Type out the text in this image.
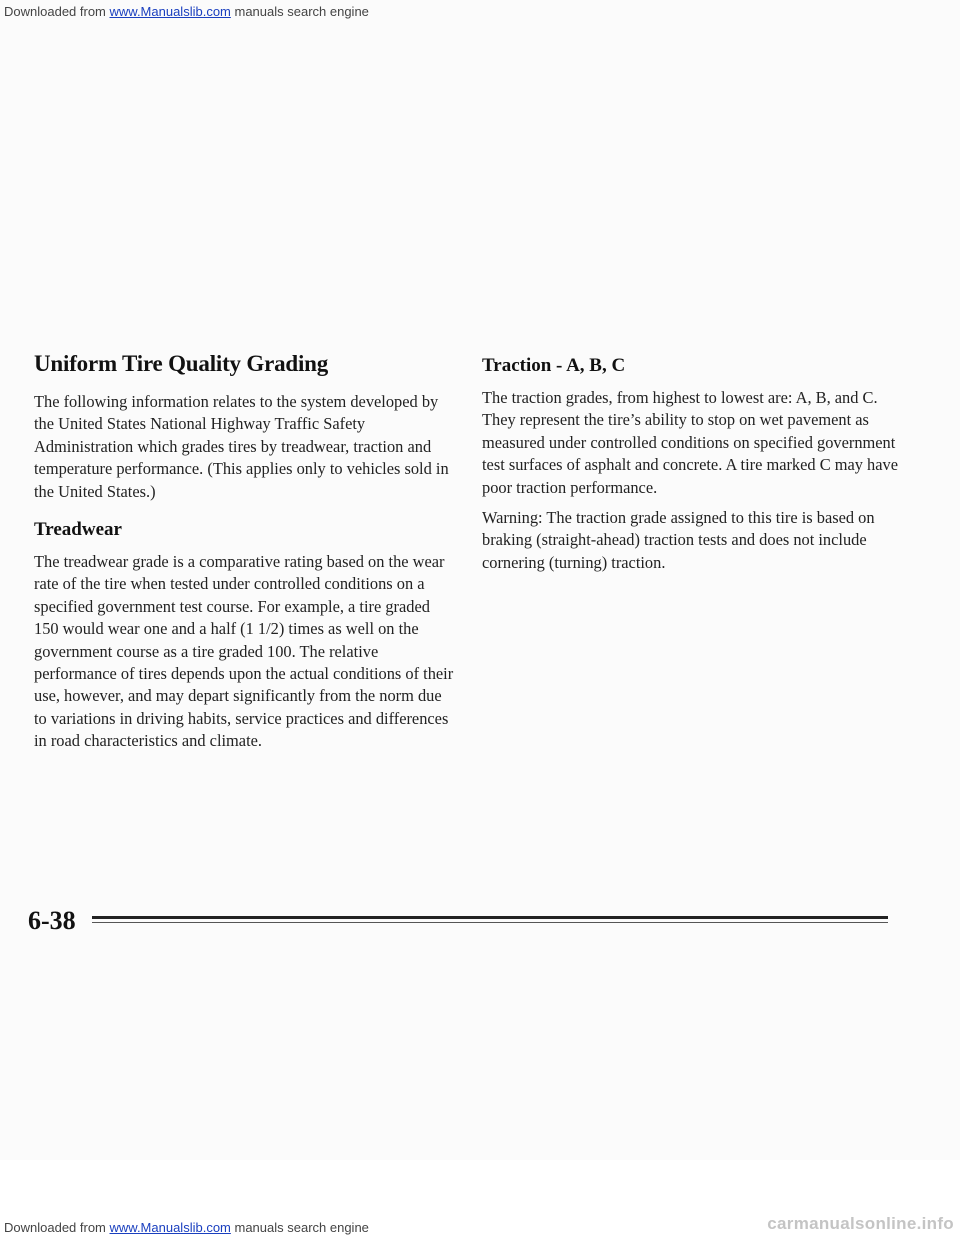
Downloaded from www.Manualslib.com manuals search engine
Uniform Tire Quality Grading

The following information relates to the system developed by the United States National Highway Traffic Safety Administration which grades tires by treadwear, traction and temperature performance. (This applies only to vehicles sold in the United States.)

Treadwear

The treadwear grade is a comparative rating based on the wear rate of the tire when tested under controlled conditions on a specified government test course. For example, a tire graded 150 would wear one and a half (1 1/2) times as well on the government course as a tire graded 100. The relative performance of tires depends upon the actual conditions of their use, however, and may depart significantly from the norm due to variations in driving habits, service practices and differences in road characteristics and climate.

Traction - A, B, C

The traction grades, from highest to lowest are: A, B, and C. They represent the tire’s ability to stop on wet pavement as measured under controlled conditions on specified government test surfaces of asphalt and concrete. A tire marked C may have poor traction performance.

Warning: The traction grade assigned to this tire is based on braking (straight-ahead) traction tests and does not include cornering (turning) traction.

6-38
Downloaded from www.Manualslib.com manuals search engine	carmanualsonline.info
